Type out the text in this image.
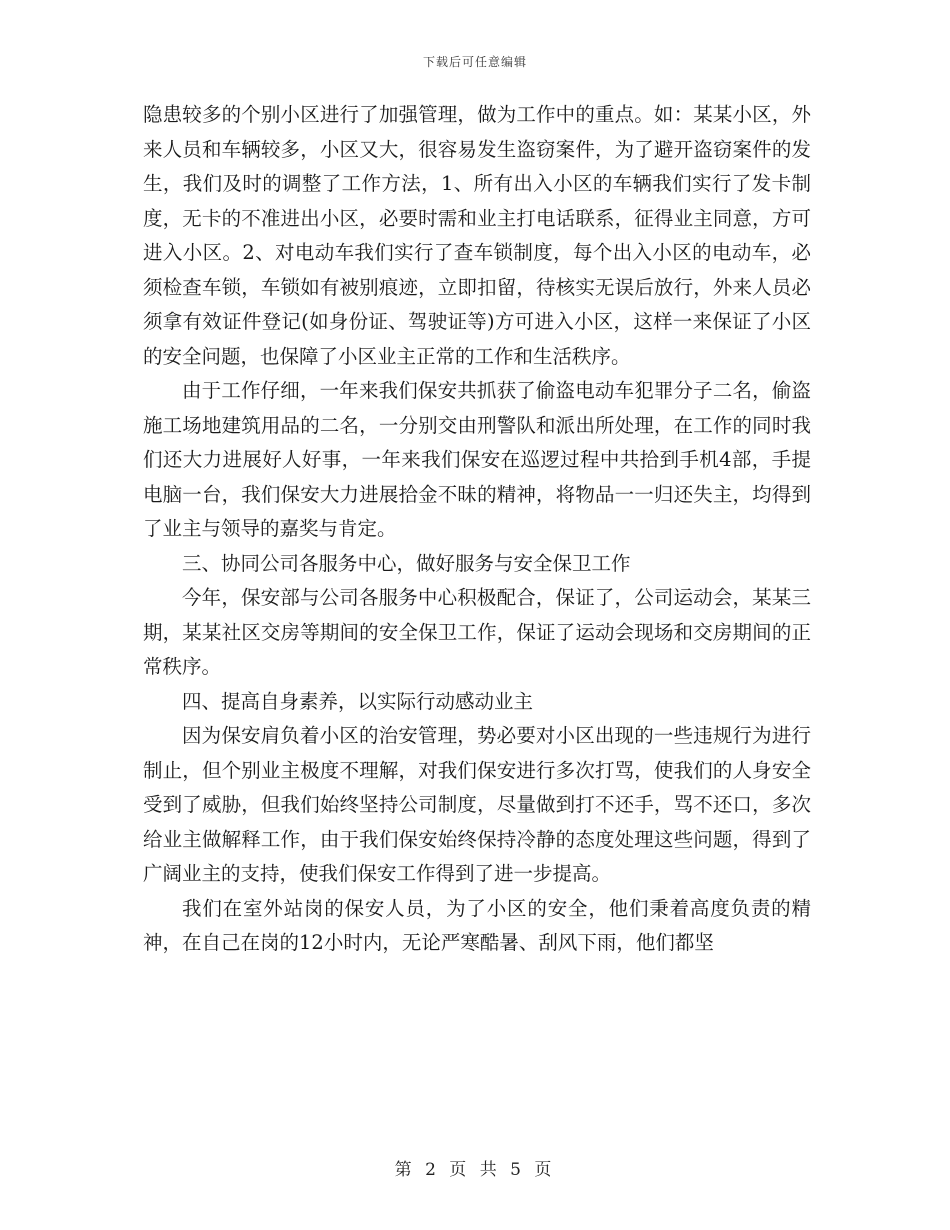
下载后可任意编辑

隐患较多的个别小区进行了加强管理，做为工作中的重点。如：某某小区，外来人员和车辆较多，小区又大，很容易发生盗窃案件，为了避开盗窃案件的发生，我们及时的调整了工作方法，1、所有出入小区的车辆我们实行了发卡制度，无卡的不准进出小区，必要时需和业主打电话联系，征得业主同意，方可进入小区。2、对电动车我们实行了查车锁制度，每个出入小区的电动车，必须检查车锁，车锁如有被别痕迹，立即扣留，待核实无误后放行，外来人员必须拿有效证件登记(如身份证、驾驶证等)方可进入小区，这样一来保证了小区的安全问题，也保障了小区业主正常的工作和生活秩序。

由于工作仔细，一年来我们保安共抓获了偷盗电动车犯罪分子二名，偷盗施工场地建筑用品的二名，一分别交由刑警队和派出所处理，在工作的同时我们还大力进展好人好事，一年来我们保安在巡逻过程中共拾到手机4部，手提电脑一台，我们保安大力进展拾金不昧的精神，将物品一一归还失主，均得到了业主与领导的嘉奖与肯定。

三、协同公司各服务中心，做好服务与安全保卫工作

今年，保安部与公司各服务中心积极配合，保证了，公司运动会，某某三期，某某社区交房等期间的安全保卫工作，保证了运动会现场和交房期间的正常秩序。

四、提高自身素养，以实际行动感动业主

因为保安肩负着小区的治安管理，势必要对小区出现的一些违规行为进行制止，但个别业主极度不理解，对我们保安进行多次打骂，使我们的人身安全受到了威胁，但我们始终坚持公司制度，尽量做到打不还手，骂不还口，多次给业主做解释工作，由于我们保安始终保持冷静的态度处理这些问题，得到了广阔业主的支持，使我们保安工作得到了进一步提高。

我们在室外站岗的保安人员，为了小区的安全，他们秉着高度负责的精神，在自己在岗的12小时内，无论严寒酷暑、刮风下雨，他们都坚

第 2 页 共 5 页
